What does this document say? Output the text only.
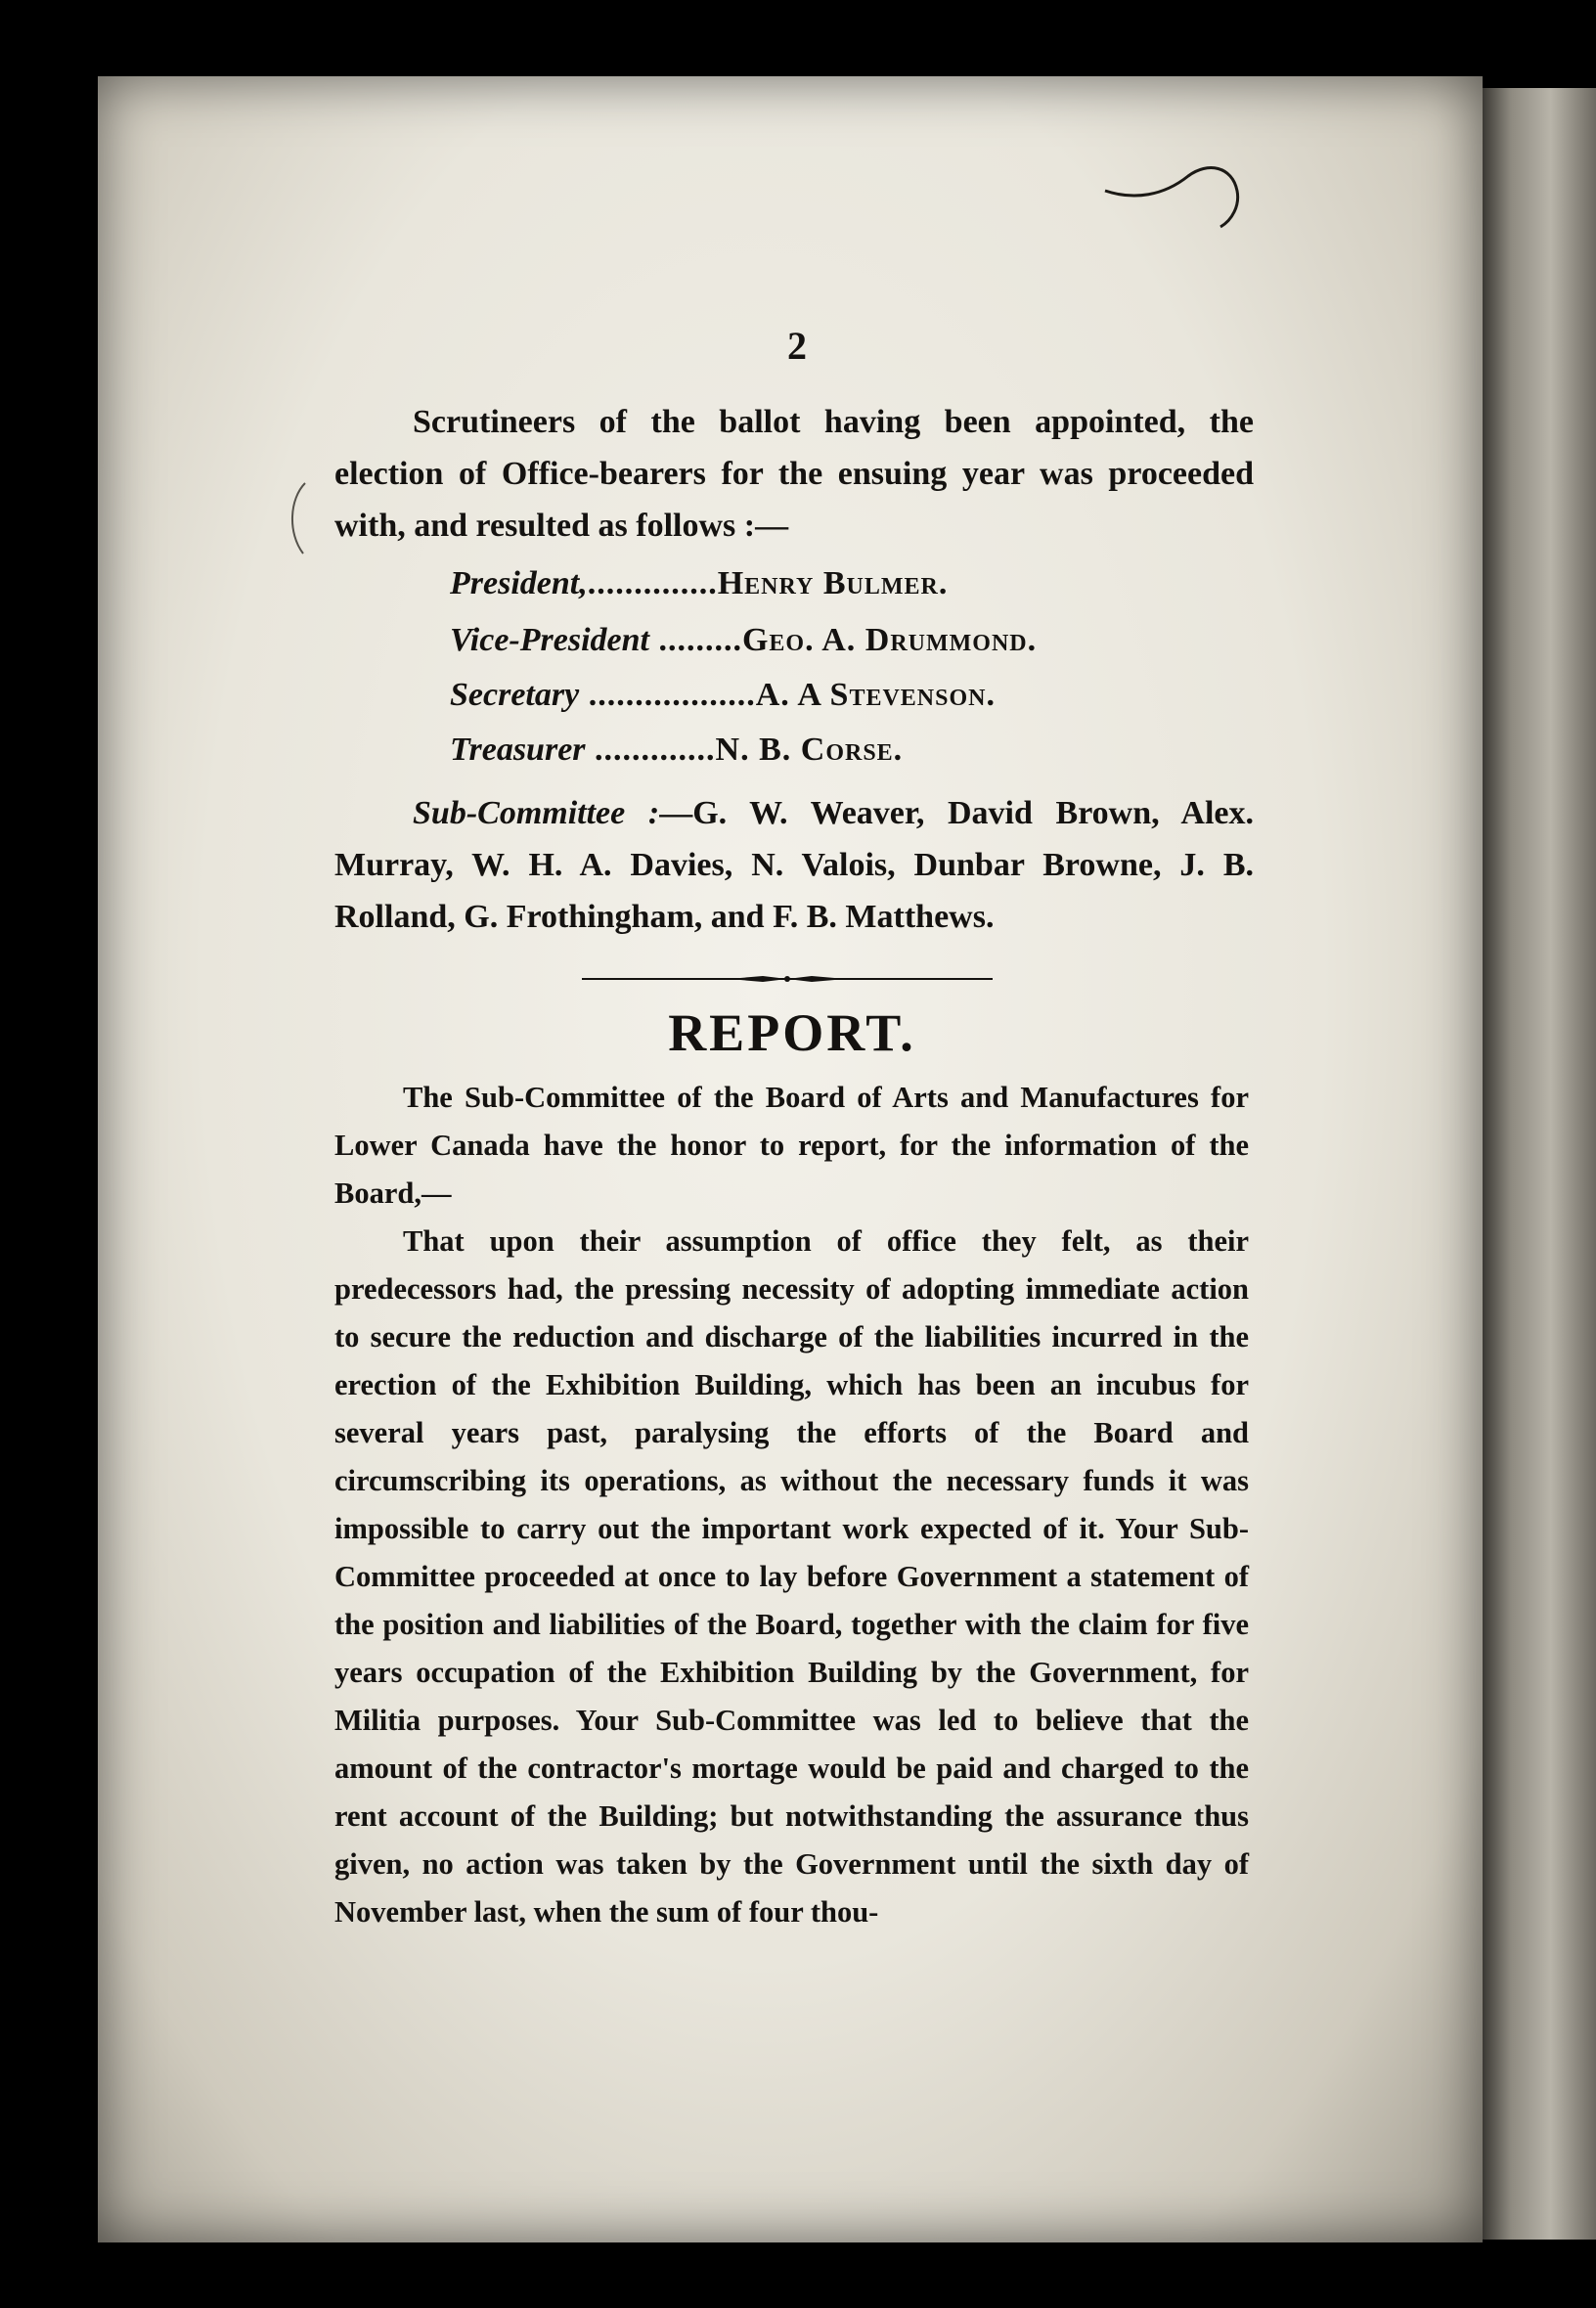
2
Scrutineers of the ballot having been appointed, the election of Office-bearers for the ensuing year was proceeded with, and resulted as follows :—
President,..............Henry Bulmer.
Vice-President .........Geo. A. Drummond.
Secretary ..................A. A Stevenson.
Treasurer .............N. B. Corse.
Sub-Committee :—G. W. Weaver, David Brown, Alex. Murray, W. H. A. Davies, N. Valois, Dunbar Browne, J. B. Rolland, G. Frothingham, and F. B. Matthews.
REPORT.

The Sub-Committee of the Board of Arts and Manufactures for Lower Canada have the honor to report, for the information of the Board,—

That upon their assumption of office they felt, as their predecessors had, the pressing necessity of adopting immediate action to secure the reduction and discharge of the liabilities incurred in the erection of the Exhibition Building, which has been an incubus for several years past, paralysing the efforts of the Board and circumscribing its operations, as without the necessary funds it was impossible to carry out the important work expected of it. Your Sub-Committee proceeded at once to lay before Government a statement of the position and liabilities of the Board, together with the claim for five years occupation of the Exhibition Building by the Government, for Militia purposes. Your Sub-Committee was led to believe that the amount of the contractor's mortage would be paid and charged to the rent account of the Building; but notwithstanding the assurance thus given, no action was taken by the Government until the sixth day of November last, when the sum of four thou-
